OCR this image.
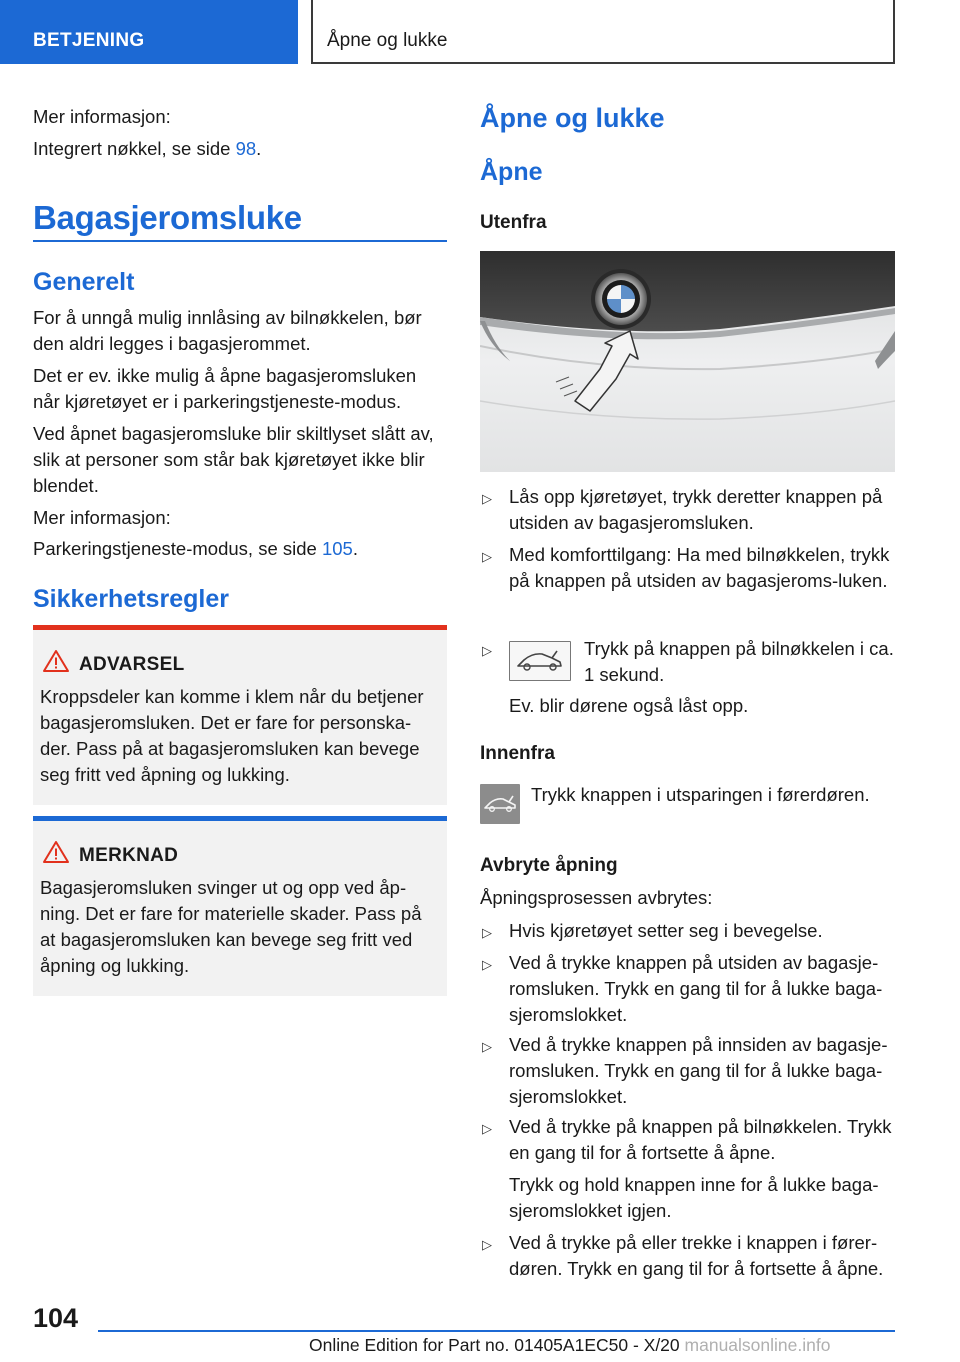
BETJENING	Åpne og lukke
Mer informasjon:
Integrert nøkkel, se side 98.
Bagasjeromsluke
Generelt
For å unngå mulig innlåsing av bilnøkkelen, bør den aldri legges i bagasjerommet.
Det er ev. ikke mulig å åpne bagasjeromsluken når kjøretøyet er i parkeringstjeneste-modus.
Ved åpnet bagasjeromsluke blir skiltlyset slått av, slik at personer som står bak kjøretøyet ikke blir blendet.
Mer informasjon:
Parkeringstjeneste-modus, se side 105.
Sikkerhetsregler
ADVARSEL
Kroppsdeler kan komme i klem når du betjener bagasjeromsluken. Det er fare for personska-der. Pass på at bagasjeromsluken kan bevege seg fritt ved åpning og lukking.
MERKNAD
Bagasjeromsluken svinger ut og opp ved åp-ning. Det er fare for materielle skader. Pass på at bagasjeromsluken kan bevege seg fritt ved åpning og lukking.
Åpne og lukke
Åpne
Utenfra
▷ Lås opp kjøretøyet, trykk deretter knappen på utsiden av bagasjeromsluken.
▷ Med komforttilgang: Ha med bilnøkkelen, trykk på knappen på utsiden av bagasjeroms-luken.
▷	Trykk på knappen på bilnøkkelen i ca. 1 sekund.
Ev. blir dørene også låst opp.
Innenfra
Trykk knappen i utsparingen i førerdøren.
Avbryte åpning
Åpningsprosessen avbrytes:
▷ Hvis kjøretøyet setter seg i bevegelse.
▷ Ved å trykke knappen på utsiden av bagasje-romsluken. Trykk en gang til for å lukke baga-sjeromslokket.
▷ Ved å trykke knappen på innsiden av bagasje-romsluken. Trykk en gang til for å lukke baga-sjeromslokket.
▷ Ved å trykke på knappen på bilnøkkelen. Trykk en gang til for å fortsette å åpne.
Trykk og hold knappen inne for å lukke baga-sjeromslokket igjen.
▷ Ved å trykke på eller trekke i knappen i fører-døren. Trykk en gang til for å fortsette å åpne.
104
Online Edition for Part no. 01405A1EC50 - X/20 manualsonline.info
